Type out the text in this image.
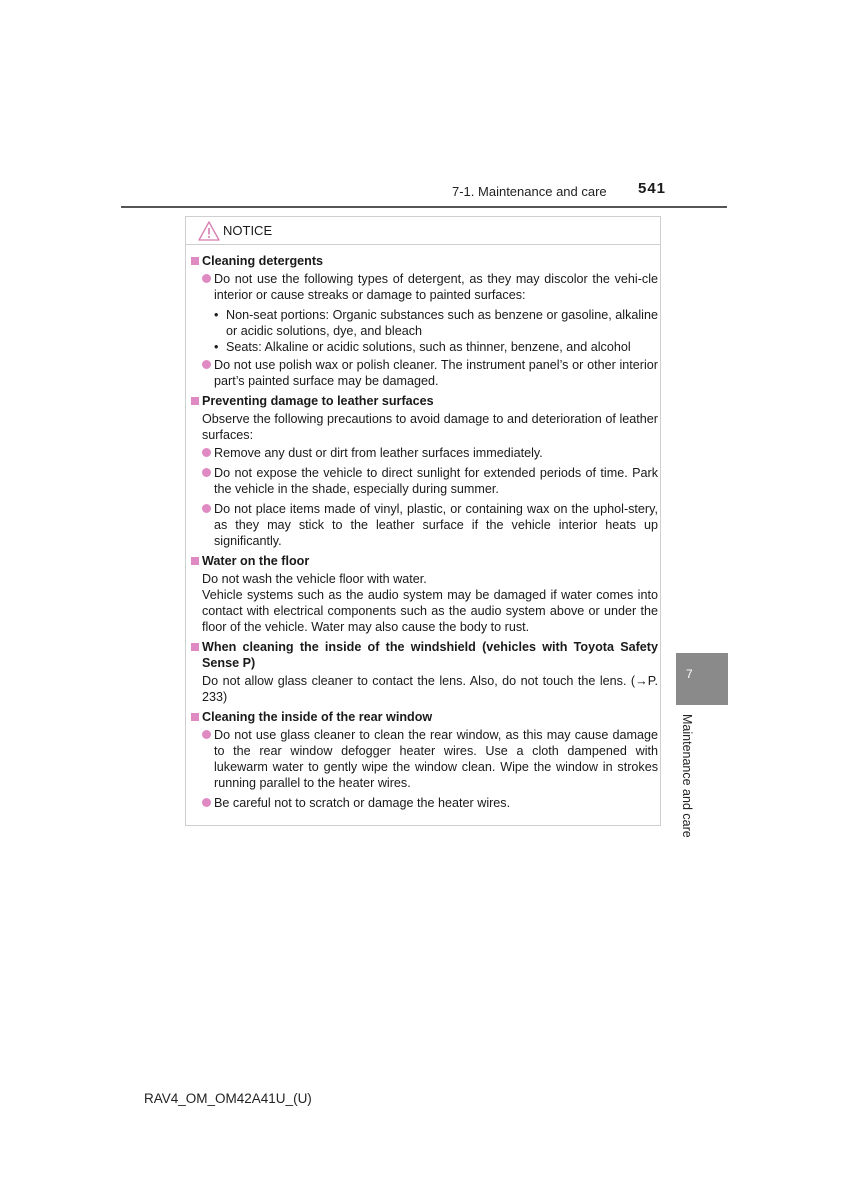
7-1. Maintenance and care 541
NOTICE
Cleaning detergents
Do not use the following types of detergent, as they may discolor the vehi-cle interior or cause streaks or damage to painted surfaces:
• Non-seat portions: Organic substances such as benzene or gasoline, alkaline or acidic solutions, dye, and bleach
• Seats: Alkaline or acidic solutions, such as thinner, benzene, and alcohol
Do not use polish wax or polish cleaner. The instrument panel’s or other interior part’s painted surface may be damaged.
Preventing damage to leather surfaces
Observe the following precautions to avoid damage to and deterioration of leather surfaces:
Remove any dust or dirt from leather surfaces immediately.
Do not expose the vehicle to direct sunlight for extended periods of time. Park the vehicle in the shade, especially during summer.
Do not place items made of vinyl, plastic, or containing wax on the uphol-stery, as they may stick to the leather surface if the vehicle interior heats up significantly.
Water on the floor
Do not wash the vehicle floor with water.
Vehicle systems such as the audio system may be damaged if water comes into contact with electrical components such as the audio system above or under the floor of the vehicle. Water may also cause the body to rust.
When cleaning the inside of the windshield (vehicles with Toyota Safety Sense P)
Do not allow glass cleaner to contact the lens. Also, do not touch the lens. (→P. 233)
Cleaning the inside of the rear window
Do not use glass cleaner to clean the rear window, as this may cause damage to the rear window defogger heater wires. Use a cloth dampened with lukewarm water to gently wipe the window clean. Wipe the window in strokes running parallel to the heater wires.
Be careful not to scratch or damage the heater wires.
7
Maintenance and care
RAV4_OM_OM42A41U_(U)
